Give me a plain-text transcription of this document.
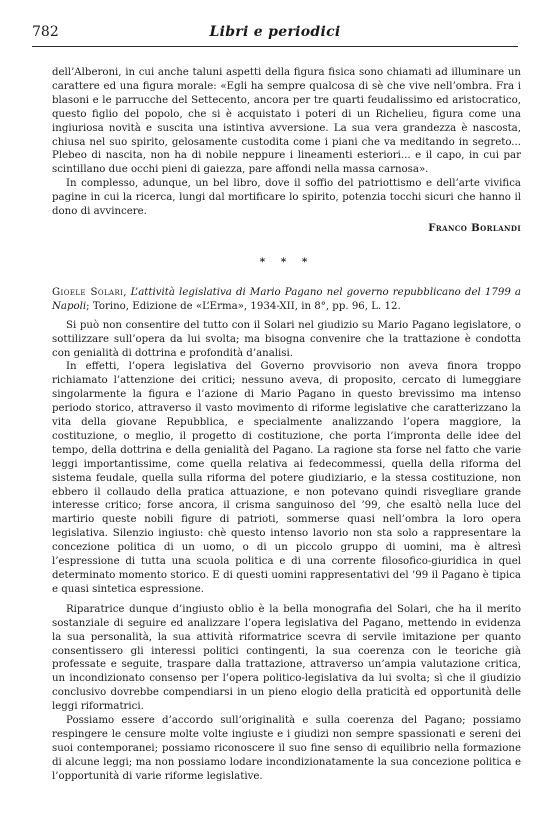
782	Libri e periodici

dell’Alberoni, in cui anche taluni aspetti della figura fisica sono chiamati ad illuminare un carattere ed una figura morale: «Egli ha sempre qualcosa di sè che vive nell’ombra. Fra i blasoni e le parrucche del Settecento, ancora per tre quarti feudalissimo ed aristocratico, questo figlio del popolo, che si è acquistato i poteri di un Richelieu, figura come una ingiuriosa novità e suscita una istintiva avversione. La sua vera grandezza è nascosta, chiusa nel suo spirito, gelosamente custodita come i piani che va meditando in segreto... Plebeo di nascita, non ha di nobile neppure i lineamenti esteriori... e il capo, in cui par scintillano due occhi pieni di gaiezza, pare affondi nella massa carnosa».

In complesso, adunque, un bel libro, dove il soffio del patriottismo e dell’arte vivifica pagine in cui la ricerca, lungi dal mortificare lo spirito, potenzia tocchi sicuri che hanno il dono di avvincere.

Franco Borlandi
* * *
Gioele Solari, L’attività legislativa di Mario Pagano nel governo repubblicano del 1799 a Napoli; Torino, Edizione de «L’Erma», 1934-XII, in 8°, pp. 96, L. 12.

Si può non consentire del tutto con il Solari nel giudizio su Mario Pagano legislatore, o sottilizzare sull’opera da lui svolta; ma bisogna convenire che la trattazione è condotta con genialità di dottrina e profondità d’analisi.

In effetti, l’opera legislativa del Governo provvisorio non aveva finora troppo richiamato l’attenzione dei critici; nessuno aveva, di proposito, cercato di lumeggiare singolarmente la figura e l’azione di Mario Pagano in questo brevissimo ma intenso periodo storico, attraverso il vasto movimento di riforme legislative che caratterizzano la vita della giovane Repubblica, e specialmente analizzando l’opera maggiore, la costituzione, o meglio, il progetto di costituzione, che porta l’impronta delle idee del tempo, della dottrina e della genialità del Pagano. La ragione sta forse nel fatto che varie leggi importantissime, come quella relativa ai fedecommessi, quella della riforma del sistema feudale, quella sulla riforma del potere giudiziario, e la stessa costituzione, non ebbero il collaudo della pratica attuazione, e non potevano quindi risvegliare grande interesse critico; forse ancora, il crisma sanguinoso del ’99, che esaltò nella luce del martirio queste nobili figure di patrioti, sommerse quasi nell’ombra la loro opera legislativa. Silenzio ingiusto: chè questo intenso lavorio non sta solo a rappresentare la concezione politica di un uomo, o di un piccolo gruppo di uomini, ma è altresì l’espressione di tutta una scuola politica e di una corrente filosofico-giuridica in quel determinato momento storico. E di questi uomini rappresentativi del ’99 il Pagano è tipica e quasi sintetica espressione.

Riparatrice dunque d’ingiusto oblio è la bella monografia del Solari, che ha il merito sostanziale di seguire ed analizzare l’opera legislativa del Pagano, mettendo in evidenza la sua personalità, la sua attività riformatrice scevra di servile imitazione per quanto consentissero gli interessi politici contingenti, la sua coerenza con le teoriche già professate e seguite, traspare dalla trattazione, attraverso un’ampia valutazione critica, un incondizionato consenso per l’opera politico-legislativa da lui svolta; sì che il giudizio conclusivo dovrebbe compendiarsi in un pieno elogio della praticità ed opportunità delle leggi riformatrici.

Possiamo essere d’accordo sull’originalità e sulla coerenza del Pagano; possiamo respingere le censure molte volte ingiuste e i giudizi non sempre spassionati e sereni dei suoi contemporanei; possiamo riconoscere il suo fine senso di equilibrio nella formazione di alcune leggi; ma non possiamo lodare incondizionatamente la sua concezione politica e l’opportunità di varie riforme legislative.
